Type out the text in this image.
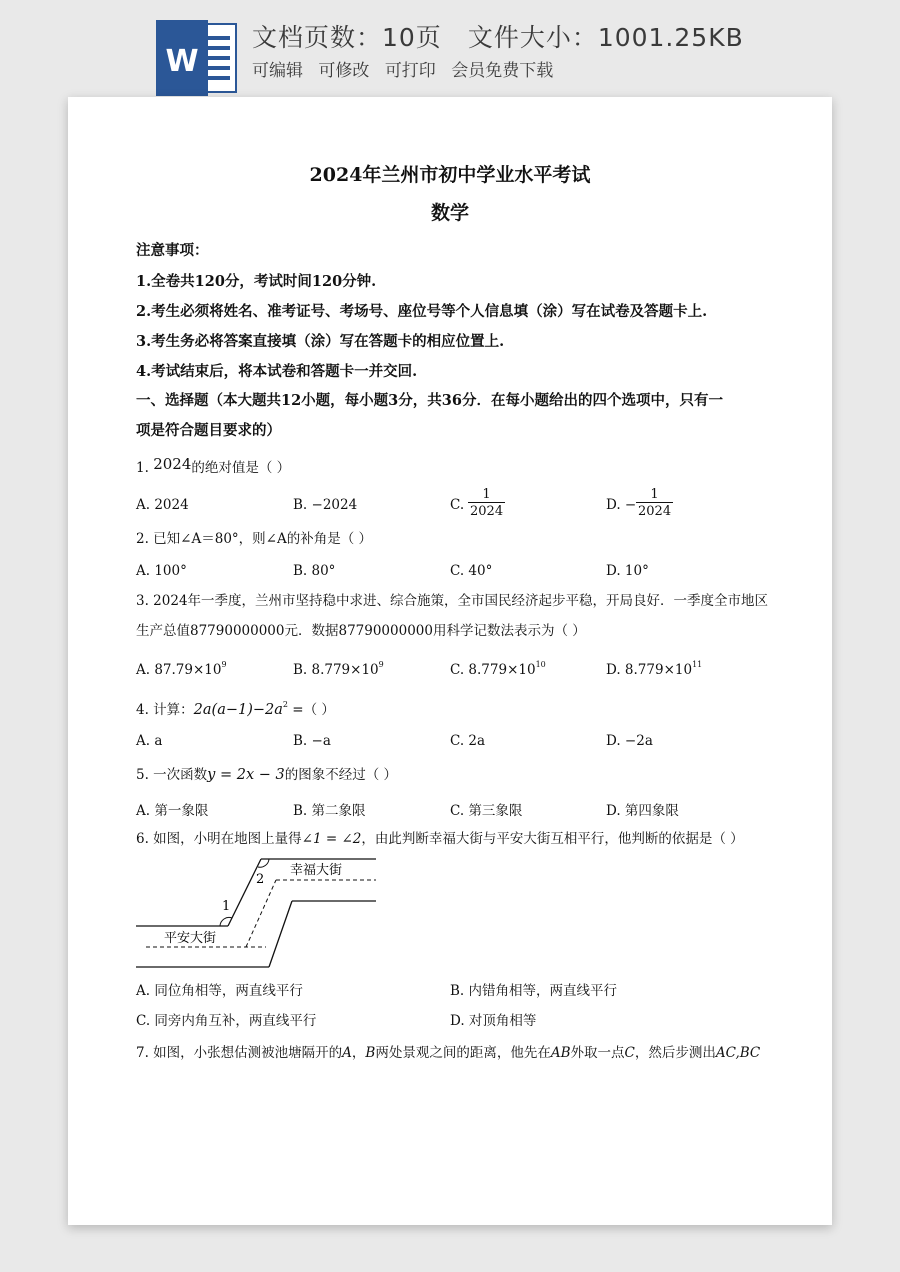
W
文档页数：10页 文件大小：1001.25KB
可编辑 可修改 可打印 会员免费下载
2024年兰州市初中学业水平考试
数学
注意事项：
1.全卷共120分，考试时间120分钟.
2.考生必须将姓名、准考证号、考场号、座位号等个人信息填（涂）写在试卷及答题卡上.
3.考生务必将答案直接填（涂）写在答题卡的相应位置上.
4.考试结束后，将本试卷和答题卡一并交回.
一、选择题（本大题共12小题，每小题3分，共36分．在每小题给出的四个选项中，只有一
项是符合题目要求的）
1. 2024的绝对值是（ ）
A. 2024	B. −2024	C. $\frac{1}{2024}$	D. − $\frac{1}{2024}$
2. 已知∠A＝80°，则∠A的补角是（ ）
A. 100°	B. 80°	C. 40°	D. 10°
3. 2024年一季度，兰州市坚持稳中求进、综合施策，全市国民经济起步平稳，开局良好．一季度全市地区
生产总值87790000000元．数据87790000000用科学记数法表示为（ ）
A. $87.79\times 10^9$	B. $8.779\times 10^9$	C. $8.779\times 10^{10}$	D. $8.779\times 10^{11}$
4. 计算：$2a(a-1)-2a^2$ =（ ）
A. a	B. −a	C. 2a	D. −2a
5. 一次函数y = 2x − 3的图象不经过（ ）
A. 第一象限	B. 第二象限	C. 第三象限	D. 第四象限
6. 如图，小明在地图上量得∠1 = ∠2，由此判断幸福大街与平安大街互相平行，他判断的依据是（ ）
1
2
幸福大街
平安大街
A. 同位角相等，两直线平行	B. 内错角相等，两直线平行
C. 同旁内角互补，两直线平行	D. 对顶角相等
7. 如图，小张想估测被池塘隔开的A，B两处景观之间的距离，他先在AB外取一点C，然后步测出AC,BC
